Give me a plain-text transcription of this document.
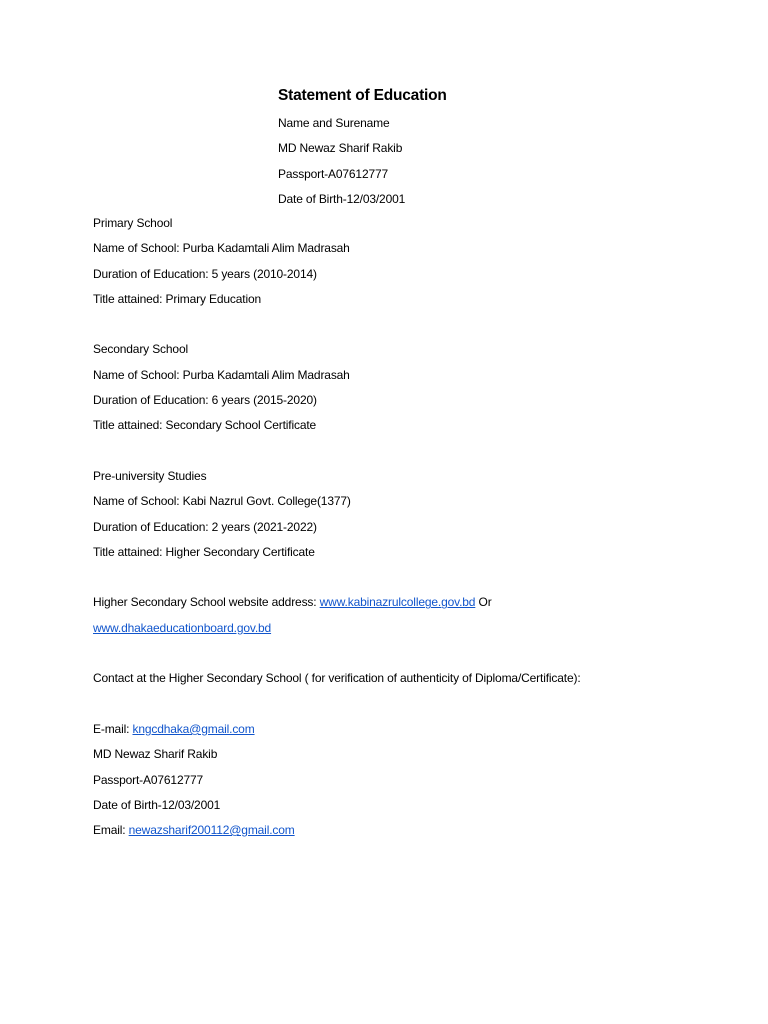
Statement of Education
Name and Surename
MD Newaz Sharif Rakib
Passport-A07612777
Date of Birth-12/03/2001
Primary School
Name of School: Purba Kadamtali Alim Madrasah
Duration of Education: 5 years (2010-2014)
Title attained: Primary Education
Secondary School
Name of School: Purba Kadamtali Alim Madrasah
Duration of Education: 6 years (2015-2020)
Title attained: Secondary School Certificate
Pre-university Studies
Name of School: Kabi Nazrul Govt. College(1377)
Duration of Education: 2 years (2021-2022)
Title attained: Higher Secondary Certificate
Higher Secondary School website address: www.kabinazrulcollege.gov.bd Or
www.dhakaeducationboard.gov.bd
Contact at the Higher Secondary School ( for verification of authenticity of Diploma/Certificate):
E-mail: kngcdhaka@gmail.com
MD Newaz Sharif Rakib
Passport-A07612777
Date of Birth-12/03/2001
Email: newazsharif200112@gmail.com
